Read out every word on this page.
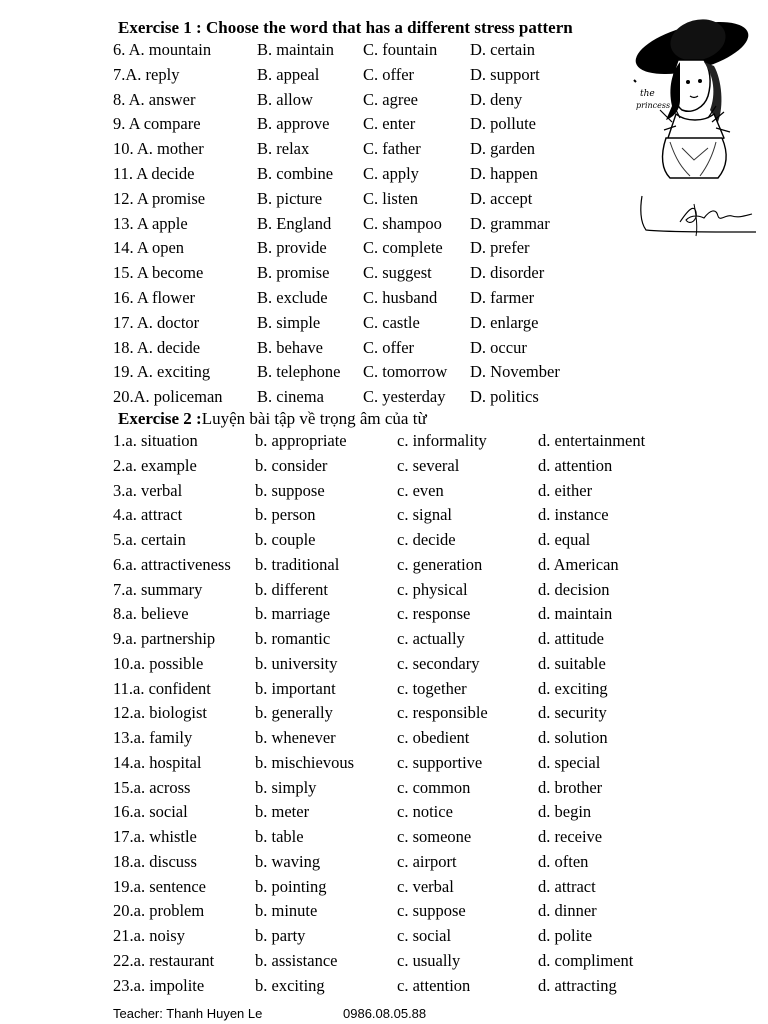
Exercise 1 : Choose the word that has a different stress pattern
6. A. mountain	B. maintain C. fountain D. certain
7.A. reply	B. appeal	C. offer	D. support
8. A. answer	B. allow	C. agree	D. deny
9. A compare	B. approve C. enter	D. pollute
10. A. mother	B. relax	C. father	D. garden
11. A decide	B. combine C. apply	D. happen
12. A promise	B. picture C. listen	D. accept
13. A apple	B. England C. shampoo D. grammar
14. A open	B. provide C. complete D. prefer
15. A become	B. promise C. suggest D. disorder
16. A flower	B. exclude C. husband D. farmer
17. A. doctor	B. simple	C. castle	D. enlarge
18. A. decide	B. behave C. offer	D. occur
19. A. exciting	B. telephone C. tomorrow D. November
20.A. policeman B. cinema C. yesterday D. politics
Exercise 2 :Luyện bài tập về trọng âm của từ
1.a. situation	b. appropriate	c. informality	d. entertainment
2.a. example	b. consider	c. several	d. attention
3.a. verbal	b. suppose	c. even	d. either
4.a. attract	b. person	c. signal	d. instance
5.a. certain	b. couple	c. decide	d. equal
6.a. attractiveness b. traditional	c. generation	d. American
7.a. summary	b. different	c. physical	d. decision
8.a. believe	b. marriage	c. response	d. maintain
9.a. partnership b. romantic	c. actually	d. attitude
10.a. possible	b. university	c. secondary	d. suitable
11.a. confident	b. important	c. together	d. exciting
12.a. biologist	b. generally	c. responsible	d. security
13.a. family	b. whenever	c. obedient	d. solution
14.a. hospital	b. mischievous	c. supportive	d. special
15.a. across	b. simply	c. common	d. brother
16.a. social	b. meter	c. notice	d. begin
17.a. whistle	b. table	c. someone	d. receive
18.a. discuss	b. waving	c. airport	d. often
19.a. sentence	b. pointing	c. verbal	d. attract
20.a. problem	b. minute	c. suppose	d. dinner
21.a. noisy	b. party	c. social	d. polite
22.a. restaurant b. assistance	c. usually	d. compliment
23.a. impolite	b. exciting	c. attention	d. attracting
the
princess
Teacher: Thanh Huyen Le	0986.08.05.88
